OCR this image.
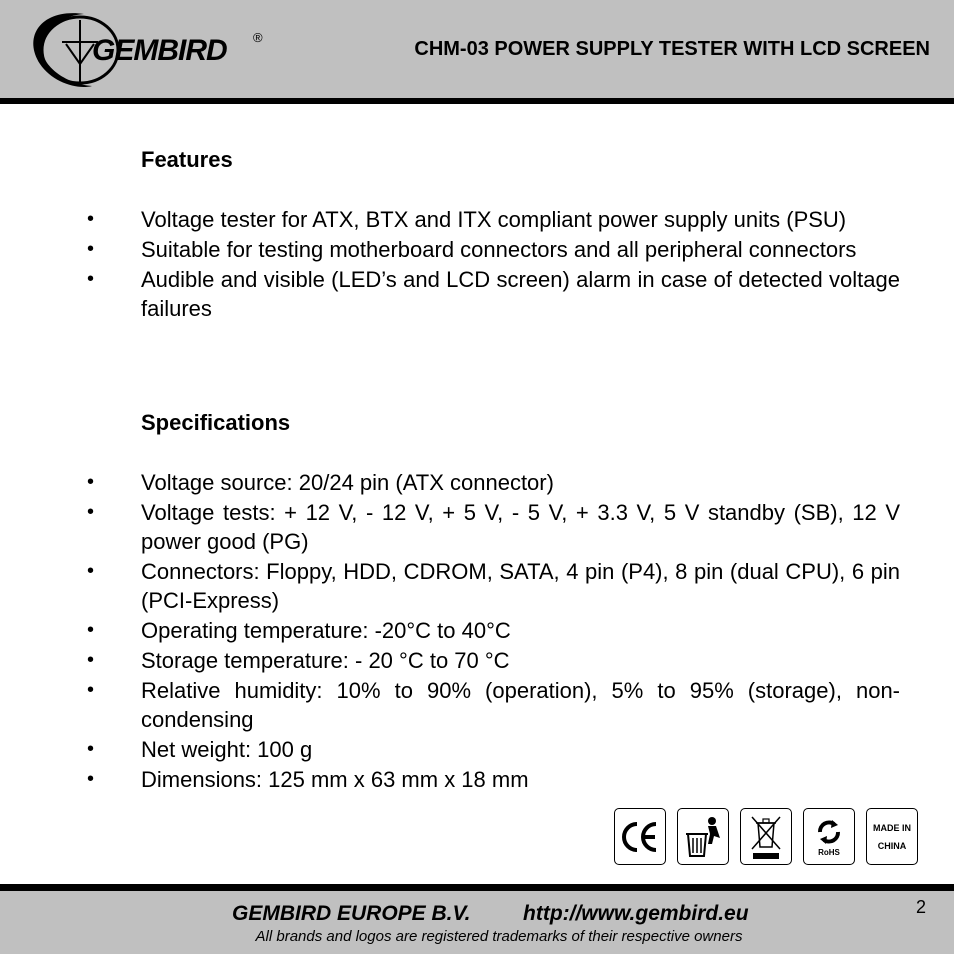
GEMBIRD ®
CHM-03 POWER SUPPLY TESTER WITH LCD SCREEN
Features
• Voltage tester for ATX, BTX and ITX compliant power supply units (PSU)
• Suitable for testing motherboard connectors and all peripheral connectors
• Audible and visible (LED’s and LCD screen) alarm in case of detected voltage failures
Specifications
• Voltage source: 20/24 pin (ATX connector)
• Voltage tests: + 12 V, - 12 V, + 5 V, - 5 V, + 3.3 V, 5 V standby (SB), 12 V power good (PG)
• Connectors: Floppy, HDD, CDROM, SATA, 4 pin (P4), 8 pin (dual CPU), 6 pin (PCI-Express)
• Operating temperature: -20°C to 40°C
• Storage temperature: - 20 °C to 70 °C
• Relative humidity: 10% to 90% (operation), 5% to 95% (storage), non-condensing
• Net weight: 100 g
• Dimensions: 125 mm x 63 mm x 18 mm
RoHS
MADE IN
CHINA
GEMBIRD EUROPE B.V.	http://www.gembird.eu
All brands and logos are registered trademarks of their respective owners
2
